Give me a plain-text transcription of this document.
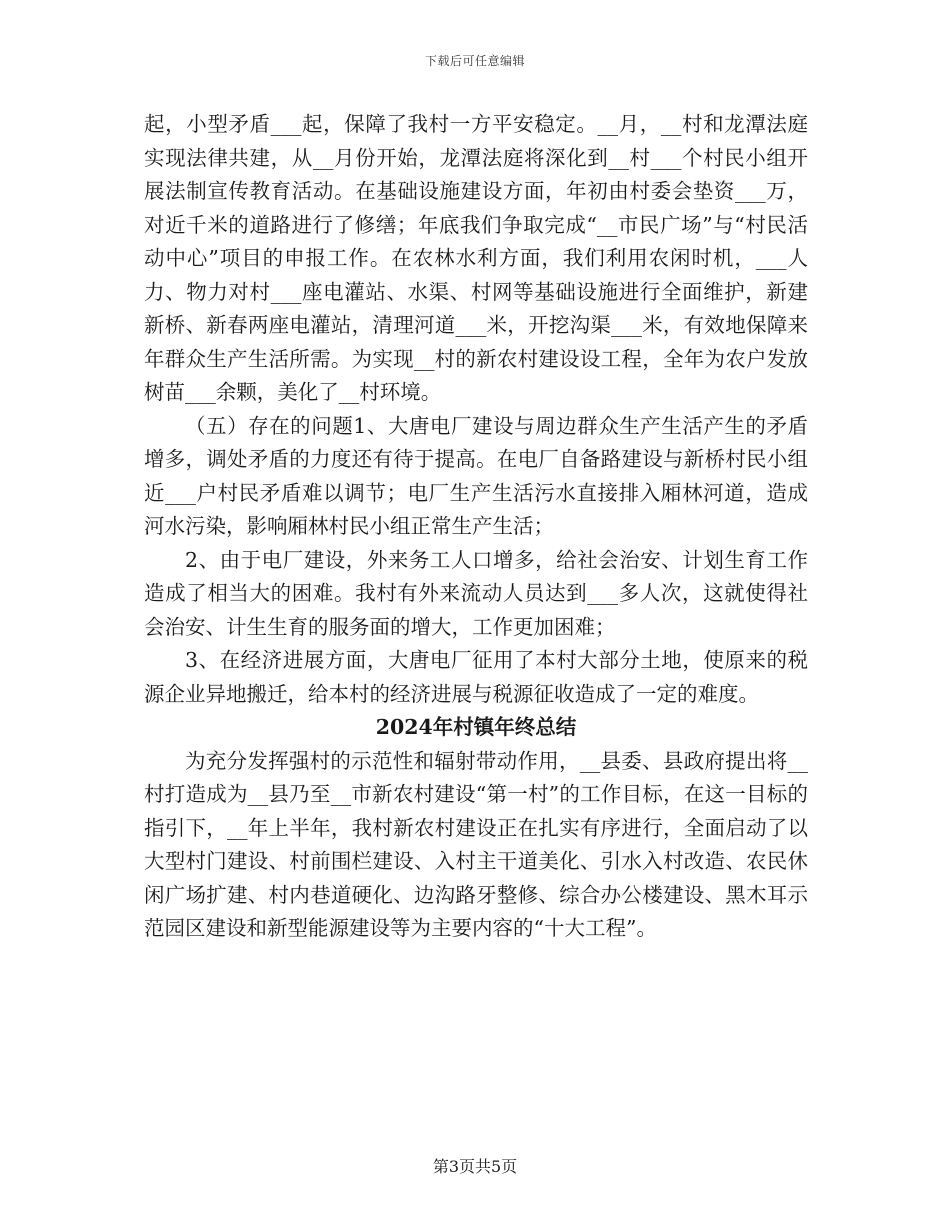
下载后可任意编辑

起，小型矛盾___起，保障了我村一方平安稳定。__月，__村和龙潭法庭实现法律共建，从__月份开始，龙潭法庭将深化到__村___个村民小组开展法制宣传教育活动。在基础设施建设方面，年初由村委会垫资___万，对近千米的道路进行了修缮；年底我们争取完成“__市民广场”与“村民活动中心”项目的申报工作。在农林水利方面，我们利用农闲时机，___人力、物力对村___座电灌站、水渠、村网等基础设施进行全面维护，新建新桥、新春两座电灌站，清理河道___米，开挖沟渠___米，有效地保障来年群众生产生活所需。为实现__村的新农村建设设工程，全年为农户发放树苗___余颗，美化了__村环境。

（五）存在的问题1、大唐电厂建设与周边群众生产生活产生的矛盾增多，调处矛盾的力度还有待于提高。在电厂自备路建设与新桥村民小组近___户村民矛盾难以调节；电厂生产生活污水直接排入厢林河道，造成河水污染，影响厢林村民小组正常生产生活；

2、由于电厂建设，外来务工人口增多，给社会治安、计划生育工作造成了相当大的困难。我村有外来流动人员达到___多人次，这就使得社会治安、计生生育的服务面的增大，工作更加困难；

3、在经济进展方面，大唐电厂征用了本村大部分土地，使原来的税源企业异地搬迁，给本村的经济进展与税源征收造成了一定的难度。

2024年村镇年终总结

为充分发挥强村的示范性和辐射带动作用，__县委、县政府提出将__村打造成为__县乃至__市新农村建设“第一村”的工作目标，在这一目标的指引下，__年上半年，我村新农村建设正在扎实有序进行，全面启动了以大型村门建设、村前围栏建设、入村主干道美化、引水入村改造、农民休闲广场扩建、村内巷道硬化、边沟路牙整修、综合办公楼建设、黑木耳示范园区建设和新型能源建设等为主要内容的“十大工程”。

第3页共5页
